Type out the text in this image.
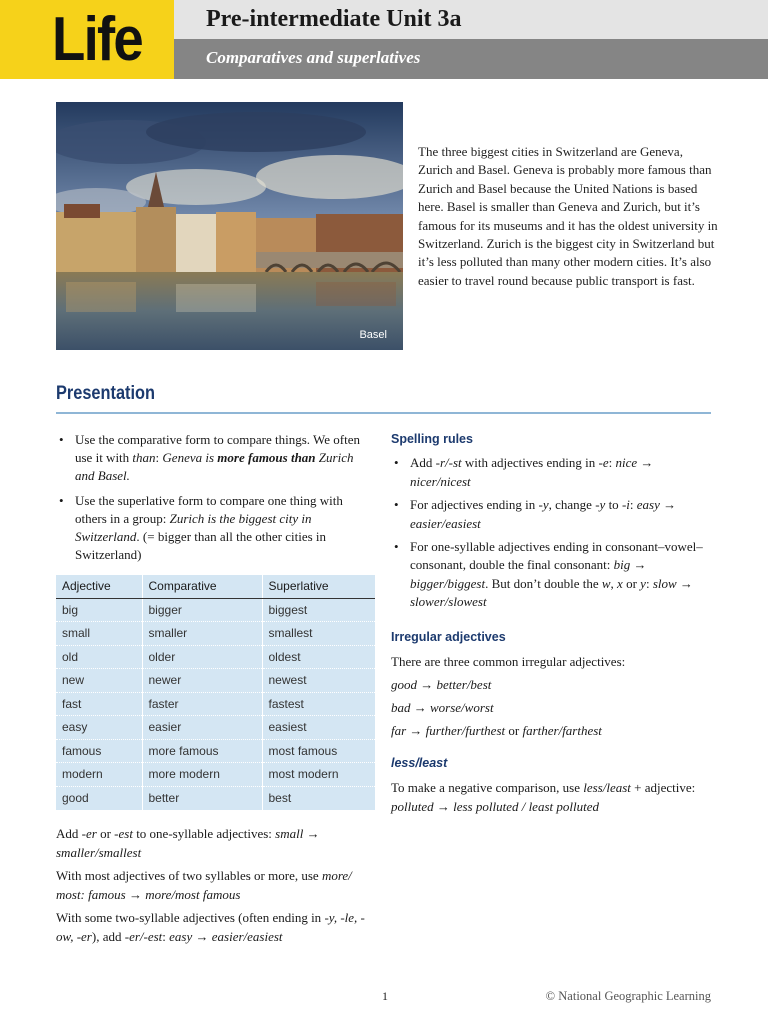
Life	Pre-intermediate Unit 3a
Comparatives and superlatives
Basel
The three biggest cities in Switzerland are Geneva, Zurich and Basel. Geneva is probably more famous than Zurich and Basel because the United Nations is based here. Basel is smaller than Geneva and Zurich, but it’s famous for its museums and it has the oldest university in Switzerland. Zurich is the biggest city in Switzerland but it’s less polluted than many other modern cities. It’s also easier to travel round because public transport is fast.
Presentation
• Use the comparative form to compare things. We often use it with than: Geneva is more famous than Zurich and Basel.
• Use the superlative form to compare one thing with others in a group: Zurich is the biggest city in Switzerland. (= bigger than all the other cities in Switzerland)
Adjective	Comparative	Superlative
big	bigger	biggest
small	smaller	smallest
old	older	oldest
new	newer	newest
fast	faster	fastest
easy	easier	easiest
famous	more famous	most famous
modern	more modern	most modern
good	better	best

Add -er or -est to one-syllable adjectives: small → smaller/smallest

With most adjectives of two syllables or more, use more/ most: famous → more/most famous

With some two-syllable adjectives (often ending in -y, -le, -ow, -er), add -er/-est: easy → easier/easiest

Spelling rules
• Add -r/-st with adjectives ending in -e: nice → nicer/nicest
• For adjectives ending in -y, change -y to -i: easy → easier/easiest
• For one-syllable adjectives ending in consonant–vowel–consonant, double the final consonant: big → bigger/biggest. But don’t double the w, x or y: slow → slower/slowest
Irregular adjectives
There are three common irregular adjectives:
good → better/best
bad → worse/worst
far → further/furthest or farther/farthest
less/least
To make a negative comparison, use less/least + adjective: polluted → less polluted / least polluted
1	© National Geographic Learning
